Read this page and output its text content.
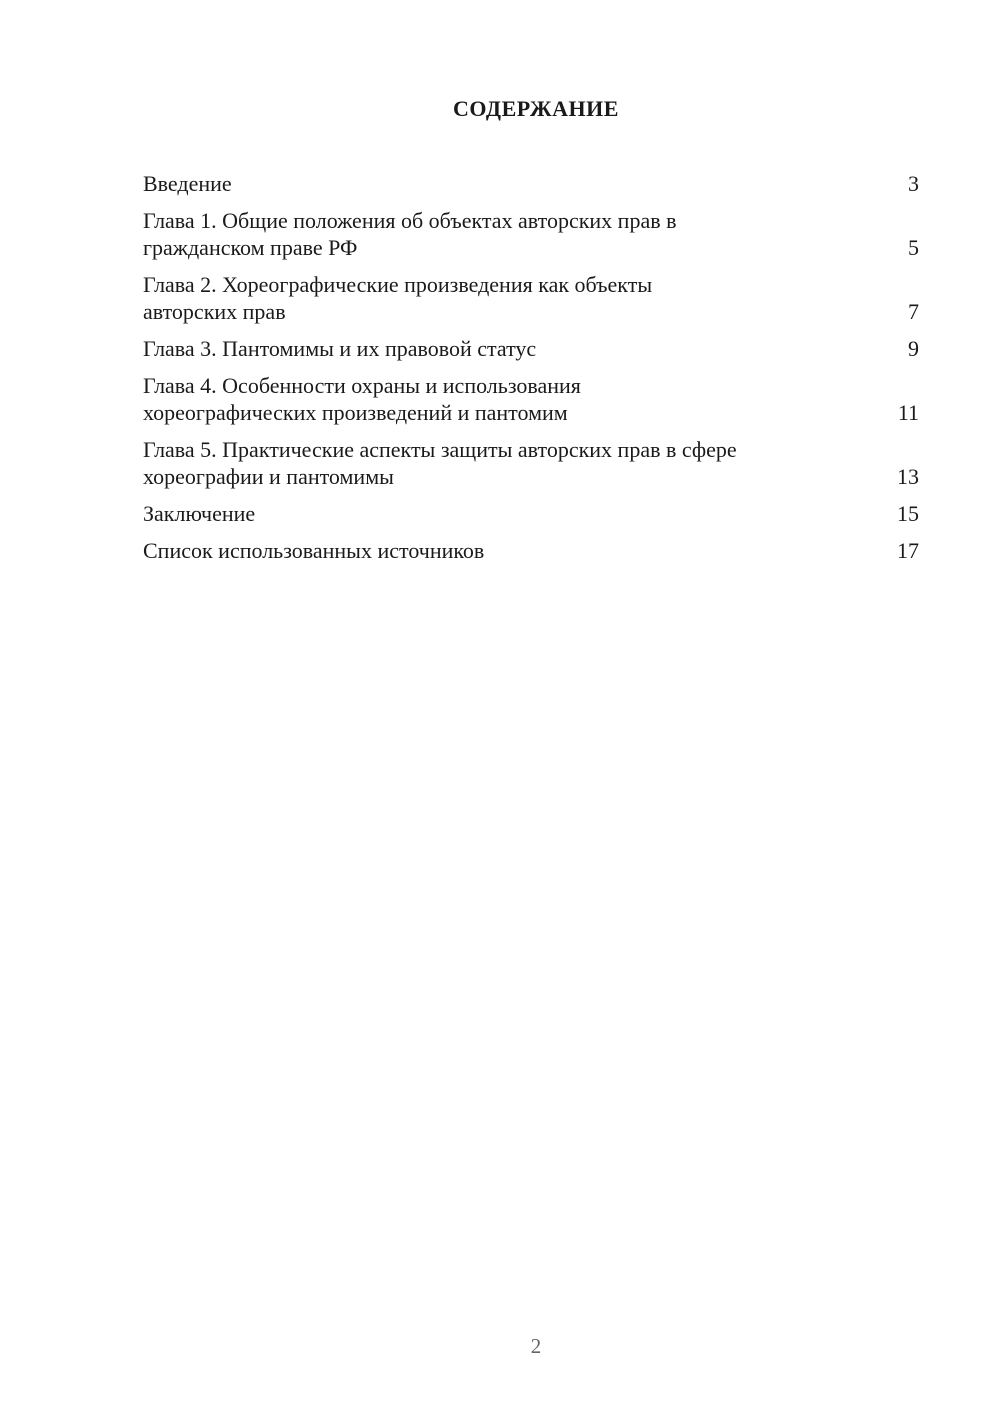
СОДЕРЖАНИЕ
Введение	3
Глава 1. Общие положения об объектах авторских прав в
гражданском праве РФ	5
Глава 2. Хореографические произведения как объекты
авторских прав	7
Глава 3. Пантомимы и их правовой статус	9
Глава 4. Особенности охраны и использования
хореографических произведений и пантомим	11
Глава 5. Практические аспекты защиты авторских прав в сфере
хореографии и пантомимы	13
Заключение	15
Список использованных источников	17
2
